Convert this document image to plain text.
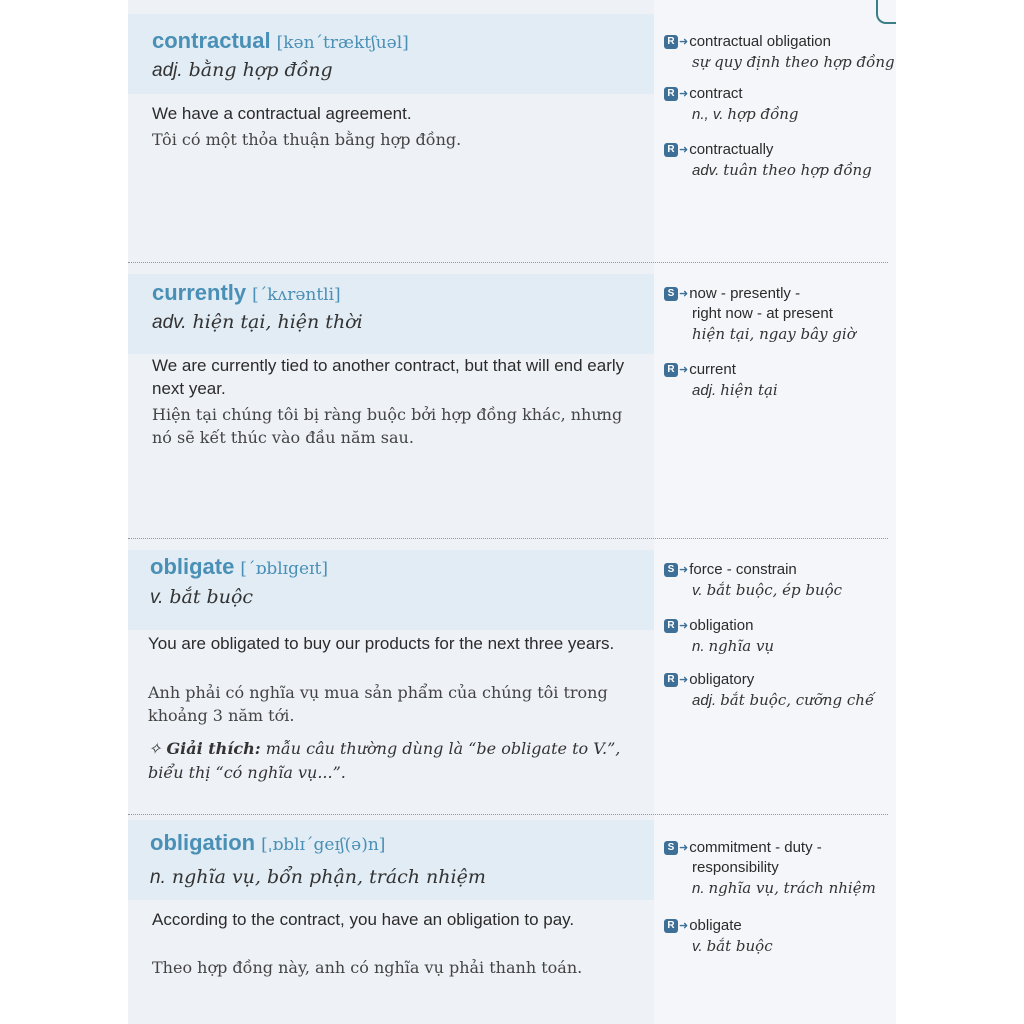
contractual [kən´træktʃuəl]
adj. bằng hợp đồng
We have a contractual agreement.
Tôi có một thỏa thuận bằng hợp đồng.
R ➜contractual obligation
sự quy định theo hợp đồng
R ➜contract
n., v. hợp đồng
R ➜contractually
adv. tuân theo hợp đồng
currently [´kʌrəntli]
adv. hiện tại, hiện thời
We are currently tied to another contract, but that will end early next year.
Hiện tại chúng tôi bị ràng buộc bởi hợp đồng khác, nhưng nó sẽ kết thúc vào đầu năm sau.
S ➜now - presently -
right now - at present
hiện tại, ngay bây giờ
R ➜current
adj. hiện tại
obligate [´ɒblɪgeɪt]
v. bắt buộc
You are obligated to buy our products for the next three years.
Anh phải có nghĩa vụ mua sản phẩm của chúng tôi trong khoảng 3 năm tới.
✧ Giải thích: mẫu câu thường dùng là “be obligate to V.”, biểu thị “có nghĩa vụ...”.
S ➜force - constrain
v. bắt buộc, ép buộc
R ➜obligation
n. nghĩa vụ
R ➜obligatory
adj. bắt buộc, cưỡng chế
obligation [ˌɒblɪ´geɪʃ(ə)n]
n. nghĩa vụ, bổn phận, trách nhiệm
According to the contract, you have an obligation to pay.
Theo hợp đồng này, anh có nghĩa vụ phải thanh toán.
S ➜commitment - duty -
responsibility
n. nghĩa vụ, trách nhiệm
R ➜obligate
v. bắt buộc
